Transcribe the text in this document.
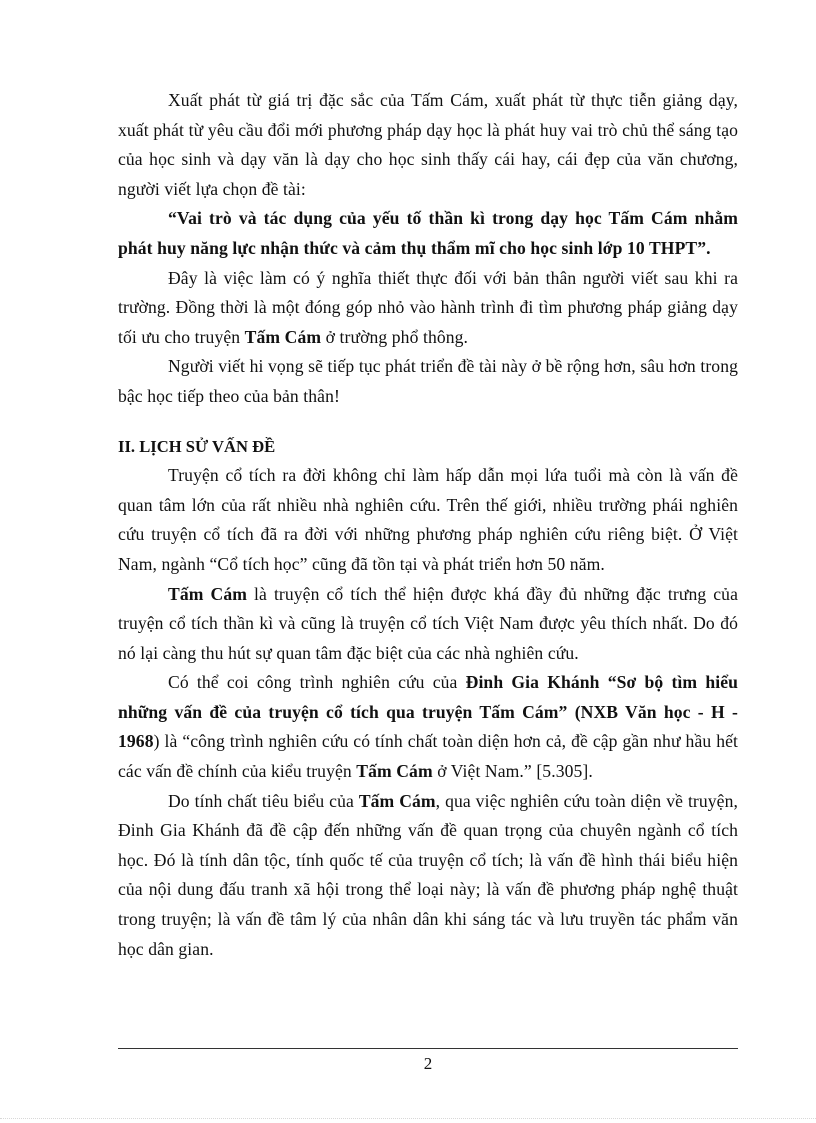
Xuất phát từ giá trị đặc sắc của Tấm Cám, xuất phát từ thực tiễn giảng dạy, xuất phát từ yêu cầu đổi mới phương pháp dạy học là phát huy vai trò chủ thể sáng tạo của học sinh và dạy văn là dạy cho học sinh thấy cái hay, cái đẹp của văn chương, người viết lựa chọn đề tài:

“Vai trò và tác dụng của yếu tố thần kì trong dạy học Tấm Cám nhằm phát huy năng lực nhận thức và cảm thụ thẩm mĩ cho học sinh lớp 10 THPT”.

Đây là việc làm có ý nghĩa thiết thực đối với bản thân người viết sau khi ra trường. Đồng thời là một đóng góp nhỏ vào hành trình đi tìm phương pháp giảng dạy tối ưu cho truyện Tấm Cám ở trường phổ thông.

Người viết hi vọng sẽ tiếp tục phát triển đề tài này ở bề rộng hơn, sâu hơn trong bậc học tiếp theo của bản thân!

II. LỊCH SỬ VẤN ĐỀ

Truyện cổ tích ra đời không chỉ làm hấp dẫn mọi lứa tuổi mà còn là vấn đề quan tâm lớn của rất nhiều nhà nghiên cứu. Trên thế giới, nhiều trường phái nghiên cứu truyện cổ tích đã ra đời với những phương pháp nghiên cứu riêng biệt. Ở Việt Nam, ngành “Cổ tích học” cũng đã tồn tại và phát triển hơn 50 năm.

Tấm Cám là truyện cổ tích thể hiện được khá đầy đủ những đặc trưng của truyện cổ tích thần kì và cũng là truyện cổ tích Việt Nam được yêu thích nhất. Do đó nó lại càng thu hút sự quan tâm đặc biệt của các nhà nghiên cứu.

Có thể coi công trình nghiên cứu của Đinh Gia Khánh “Sơ bộ tìm hiểu những vấn đề của truyện cổ tích qua truyện Tấm Cám” (NXB Văn học - H - 1968) là “công trình nghiên cứu có tính chất toàn diện hơn cả, đề cập gần như hầu hết các vấn đề chính của kiểu truyện Tấm Cám ở Việt Nam.” [5.305].

Do tính chất tiêu biểu của Tấm Cám, qua việc nghiên cứu toàn diện về truyện, Đinh Gia Khánh đã đề cập đến những vấn đề quan trọng của chuyên ngành cổ tích học. Đó là tính dân tộc, tính quốc tế của truyện cổ tích; là vấn đề hình thái biểu hiện của nội dung đấu tranh xã hội trong thể loại này; là vấn đề phương pháp nghệ thuật trong truyện; là vấn đề tâm lý của nhân dân khi sáng tác và lưu truyền tác phẩm văn học dân gian.

2
